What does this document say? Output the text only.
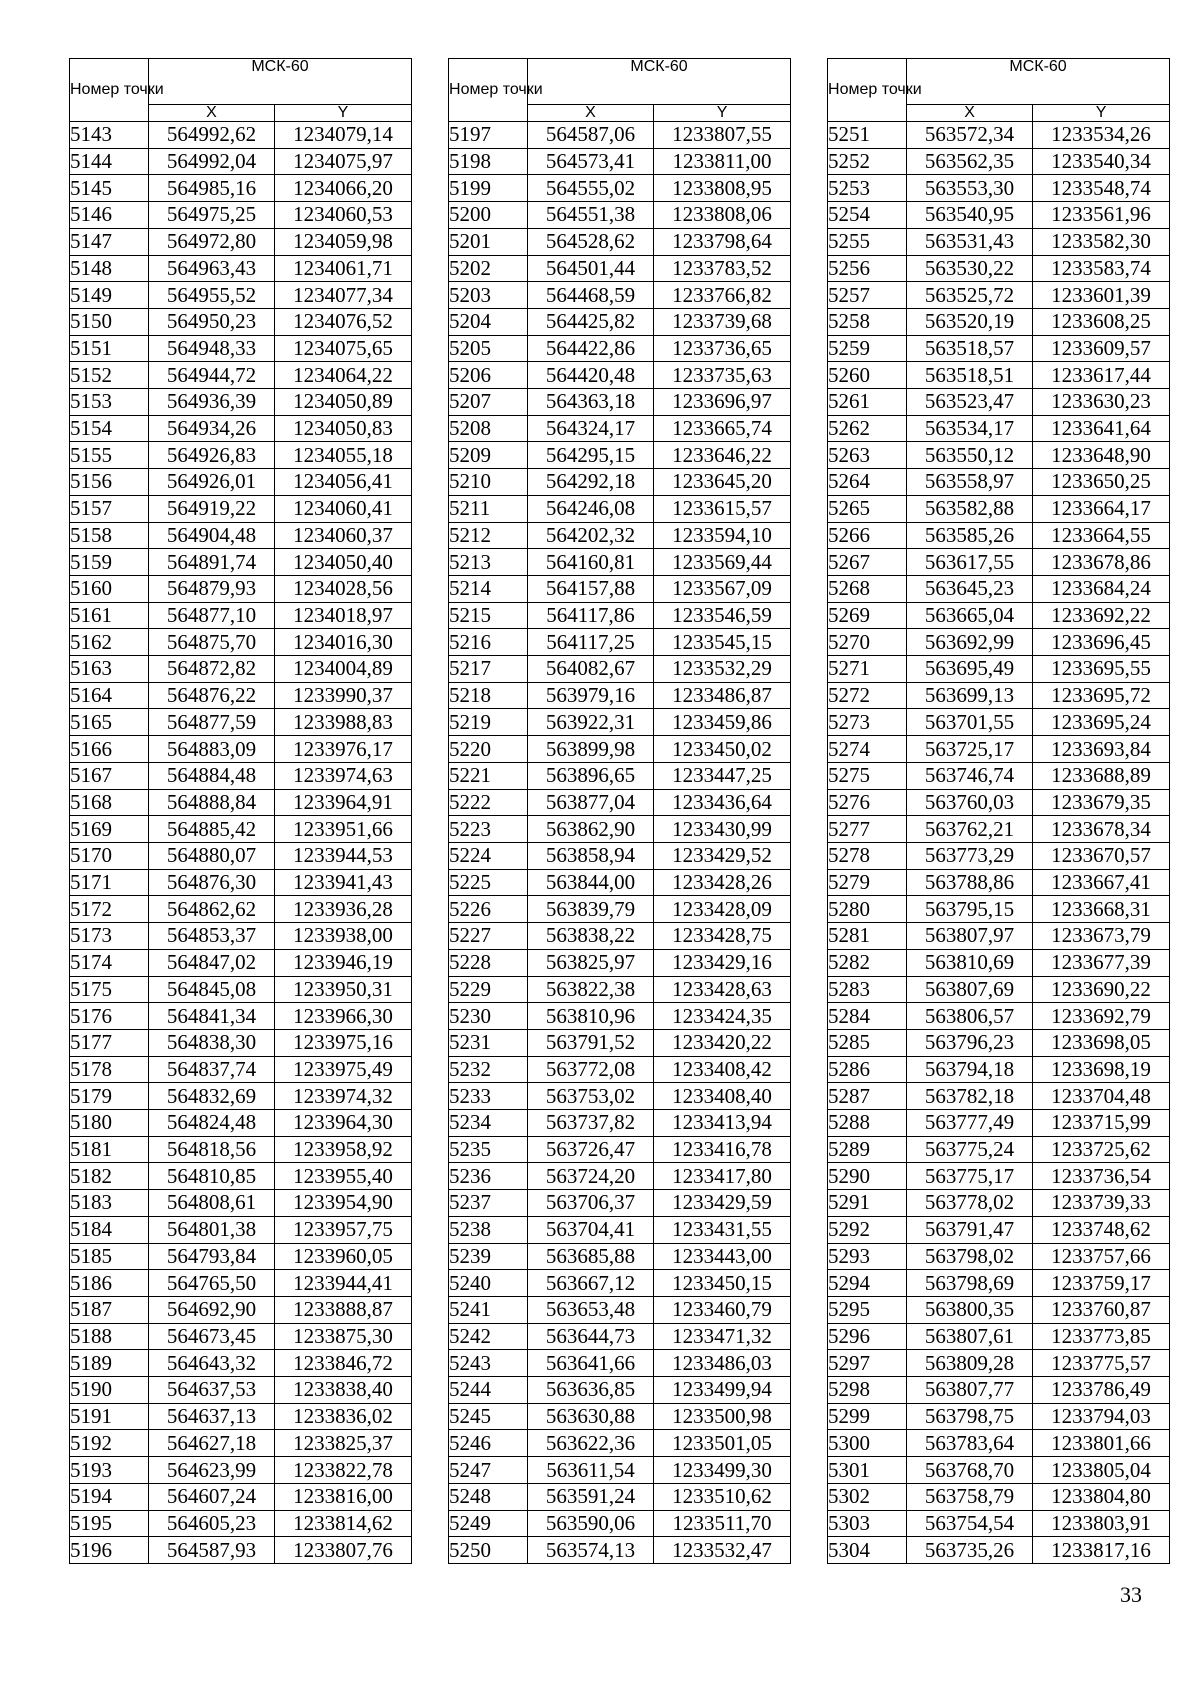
Номер точки	МСК-60	
	X	Y
5143	564992,62	1234079,14
5144	564992,04	1234075,97
5145	564985,16	1234066,20
5146	564975,25	1234060,53
5147	564972,80	1234059,98
5148	564963,43	1234061,71
5149	564955,52	1234077,34
5150	564950,23	1234076,52
5151	564948,33	1234075,65
5152	564944,72	1234064,22
5153	564936,39	1234050,89
5154	564934,26	1234050,83
5155	564926,83	1234055,18
5156	564926,01	1234056,41
5157	564919,22	1234060,41
5158	564904,48	1234060,37
5159	564891,74	1234050,40
5160	564879,93	1234028,56
5161	564877,10	1234018,97
5162	564875,70	1234016,30
5163	564872,82	1234004,89
5164	564876,22	1233990,37
5165	564877,59	1233988,83
5166	564883,09	1233976,17
5167	564884,48	1233974,63
5168	564888,84	1233964,91
5169	564885,42	1233951,66
5170	564880,07	1233944,53
5171	564876,30	1233941,43
5172	564862,62	1233936,28
5173	564853,37	1233938,00
5174	564847,02	1233946,19
5175	564845,08	1233950,31
5176	564841,34	1233966,30
5177	564838,30	1233975,16
5178	564837,74	1233975,49
5179	564832,69	1233974,32
5180	564824,48	1233964,30
5181	564818,56	1233958,92
5182	564810,85	1233955,40
5183	564808,61	1233954,90
5184	564801,38	1233957,75
5185	564793,84	1233960,05
5186	564765,50	1233944,41
5187	564692,90	1233888,87
5188	564673,45	1233875,30
5189	564643,32	1233846,72
5190	564637,53	1233838,40
5191	564637,13	1233836,02
5192	564627,18	1233825,37
5193	564623,99	1233822,78
5194	564607,24	1233816,00
5195	564605,23	1233814,62
5196	564587,93	1233807,76
Номер точки	МСК-60	
	X	Y
5197	564587,06	1233807,55
5198	564573,41	1233811,00
5199	564555,02	1233808,95
5200	564551,38	1233808,06
5201	564528,62	1233798,64
5202	564501,44	1233783,52
5203	564468,59	1233766,82
5204	564425,82	1233739,68
5205	564422,86	1233736,65
5206	564420,48	1233735,63
5207	564363,18	1233696,97
5208	564324,17	1233665,74
5209	564295,15	1233646,22
5210	564292,18	1233645,20
5211	564246,08	1233615,57
5212	564202,32	1233594,10
5213	564160,81	1233569,44
5214	564157,88	1233567,09
5215	564117,86	1233546,59
5216	564117,25	1233545,15
5217	564082,67	1233532,29
5218	563979,16	1233486,87
5219	563922,31	1233459,86
5220	563899,98	1233450,02
5221	563896,65	1233447,25
5222	563877,04	1233436,64
5223	563862,90	1233430,99
5224	563858,94	1233429,52
5225	563844,00	1233428,26
5226	563839,79	1233428,09
5227	563838,22	1233428,75
5228	563825,97	1233429,16
5229	563822,38	1233428,63
5230	563810,96	1233424,35
5231	563791,52	1233420,22
5232	563772,08	1233408,42
5233	563753,02	1233408,40
5234	563737,82	1233413,94
5235	563726,47	1233416,78
5236	563724,20	1233417,80
5237	563706,37	1233429,59
5238	563704,41	1233431,55
5239	563685,88	1233443,00
5240	563667,12	1233450,15
5241	563653,48	1233460,79
5242	563644,73	1233471,32
5243	563641,66	1233486,03
5244	563636,85	1233499,94
5245	563630,88	1233500,98
5246	563622,36	1233501,05
5247	563611,54	1233499,30
5248	563591,24	1233510,62
5249	563590,06	1233511,70
5250	563574,13	1233532,47
Номер точки	МСК-60	
	X	Y
5251	563572,34	1233534,26
5252	563562,35	1233540,34
5253	563553,30	1233548,74
5254	563540,95	1233561,96
5255	563531,43	1233582,30
5256	563530,22	1233583,74
5257	563525,72	1233601,39
5258	563520,19	1233608,25
5259	563518,57	1233609,57
5260	563518,51	1233617,44
5261	563523,47	1233630,23
5262	563534,17	1233641,64
5263	563550,12	1233648,90
5264	563558,97	1233650,25
5265	563582,88	1233664,17
5266	563585,26	1233664,55
5267	563617,55	1233678,86
5268	563645,23	1233684,24
5269	563665,04	1233692,22
5270	563692,99	1233696,45
5271	563695,49	1233695,55
5272	563699,13	1233695,72
5273	563701,55	1233695,24
5274	563725,17	1233693,84
5275	563746,74	1233688,89
5276	563760,03	1233679,35
5277	563762,21	1233678,34
5278	563773,29	1233670,57
5279	563788,86	1233667,41
5280	563795,15	1233668,31
5281	563807,97	1233673,79
5282	563810,69	1233677,39
5283	563807,69	1233690,22
5284	563806,57	1233692,79
5285	563796,23	1233698,05
5286	563794,18	1233698,19
5287	563782,18	1233704,48
5288	563777,49	1233715,99
5289	563775,24	1233725,62
5290	563775,17	1233736,54
5291	563778,02	1233739,33
5292	563791,47	1233748,62
5293	563798,02	1233757,66
5294	563798,69	1233759,17
5295	563800,35	1233760,87
5296	563807,61	1233773,85
5297	563809,28	1233775,57
5298	563807,77	1233786,49
5299	563798,75	1233794,03
5300	563783,64	1233801,66
5301	563768,70	1233805,04
5302	563758,79	1233804,80
5303	563754,54	1233803,91
5304	563735,26	1233817,16
33
